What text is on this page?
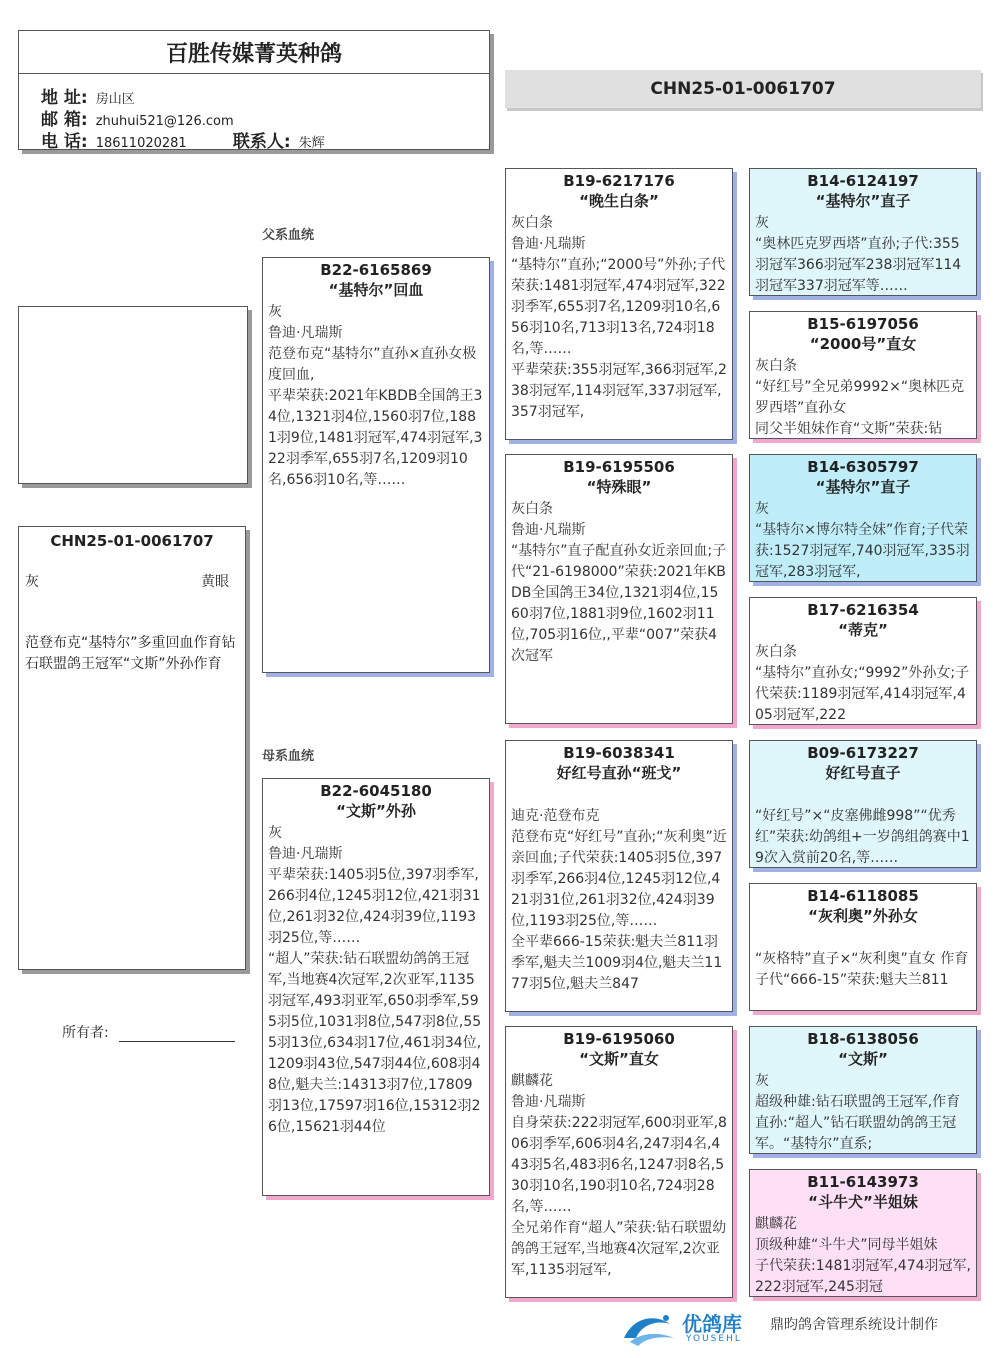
百胜传媒菁英种鸽
地 址: 房山区
邮 箱: zhuhui521@126.com
电 话: 18611020281	联系人: 朱辉
CHN25-01-0061707
CHN25-01-0061707
灰	黄眼
范登布克“基特尔”多重回血作育钻石联盟鸽王冠军“文斯”外孙作育
所有者:
父系血统
母系血统
B22-6165869
“基特尔”回血
灰
鲁迪·凡瑞斯
范登布克“基特尔”直孙×直孙女极度回血,
平辈荣获:2021年KBDB全国鸽王34位,1321羽4位,1560羽7位,1881羽9位,1481羽冠军,474羽冠军,322羽季军,655羽7名,1209羽10名,656羽10名,等……
B22-6045180
“文斯”外孙
灰
鲁迪·凡瑞斯
平辈荣获:1405羽5位,397羽季军,266羽4位,1245羽12位,421羽31位,261羽32位,424羽39位,1193羽25位,等……
“超人”荣获:钻石联盟幼鸽鸽王冠军,当地赛4次冠军,2次亚军,1135羽冠军,493羽亚军,650羽季军,595羽5位,1031羽8位,547羽8位,555羽13位,634羽17位,461羽34位,1209羽43位,547羽44位,608羽48位,魁夫兰:14313羽7位,17809羽13位,17597羽16位,15312羽26位,15621羽44位
B19-6217176
“晚生白条”
灰白条
鲁迪·凡瑞斯
“基特尔”直孙;“2000号”外孙;子代荣获:1481羽冠军,474羽冠军,322羽季军,655羽7名,1209羽10名,656羽10名,713羽13名,724羽18名,等……
平辈荣获:355羽冠军,366羽冠军,238羽冠军,114羽冠军,337羽冠军,357羽冠军,
B19-6195506
“特殊眼”
灰白条
鲁迪·凡瑞斯
“基特尔”直子配直孙女近亲回血;子代“21-6198000”荣获:2021年KBDB全国鸽王34位,1321羽4位,1560羽7位,1881羽9位,1602羽11位,705羽16位,,平辈“007”荣获4次冠军
B19-6038341
好红号直孙“班戈”
迪克·范登布克
范登布克“好红号”直孙;“灰利奥”近亲回血;子代荣获:1405羽5位,397羽季军,266羽4位,1245羽12位,421羽31位,261羽32位,424羽39位,1193羽25位,等……
全平辈666-15荣获:魁夫兰811羽季军,魁夫兰1009羽4位,魁夫兰1177羽5位,魁夫兰847
B19-6195060
“文斯”直女
麒麟花
鲁迪·凡瑞斯
自身荣获:222羽冠军,600羽亚军,806羽季军,606羽4名,247羽4名,443羽5名,483羽6名,1247羽8名,530羽10名,190羽10名,724羽28名,等……
全兄弟作育“超人”荣获:钻石联盟幼鸽鸽王冠军,当地赛4次冠军,2次亚军,1135羽冠军,
B14-6124197
“基特尔”直子
灰
“奥林匹克罗西塔”直孙;子代:355羽冠军366羽冠军238羽冠军114羽冠军337羽冠军等……
B15-6197056
“2000号”直女
灰白条
“好红号”全兄弟9992×“奥林匹克罗西塔”直孙女
同父半姐妹作育“文斯”荣获:钻
B14-6305797
“基特尔”直子
灰
“基特尔×博尔特全妹”作育;子代荣获:1527羽冠军,740羽冠军,335羽冠军,283羽冠军,
B17-6216354
“蒂克”
灰白条
“基特尔”直孙女;“9992”外孙女;子代荣获:1189羽冠军,414羽冠军,405羽冠军,222
B09-6173227
好红号直子
“好红号”×“皮塞佛雌998”“优秀红”荣获:幼鸽组+一岁鸽组鸽赛中19次入赏前20名,等……
B14-6118085
“灰利奥”外孙女
“灰格特”直子×“灰利奥”直女 作育
子代“666-15”荣获:魁夫兰811
B18-6138056
“文斯”
灰
超级种雄:钻石联盟鸽王冠军,作育直孙:“超人”钻石联盟幼鸽鸽王冠军。“基特尔”直系;
B11-6143973
“斗牛犬”半姐妹
麒麟花
顶级种雄“斗牛犬”同母半姐妹
子代荣获:1481羽冠军,474羽冠军,222羽冠军,245羽冠
优鸽库
YOUSEHL
鼎昀鸽舍管理系统设计制作
